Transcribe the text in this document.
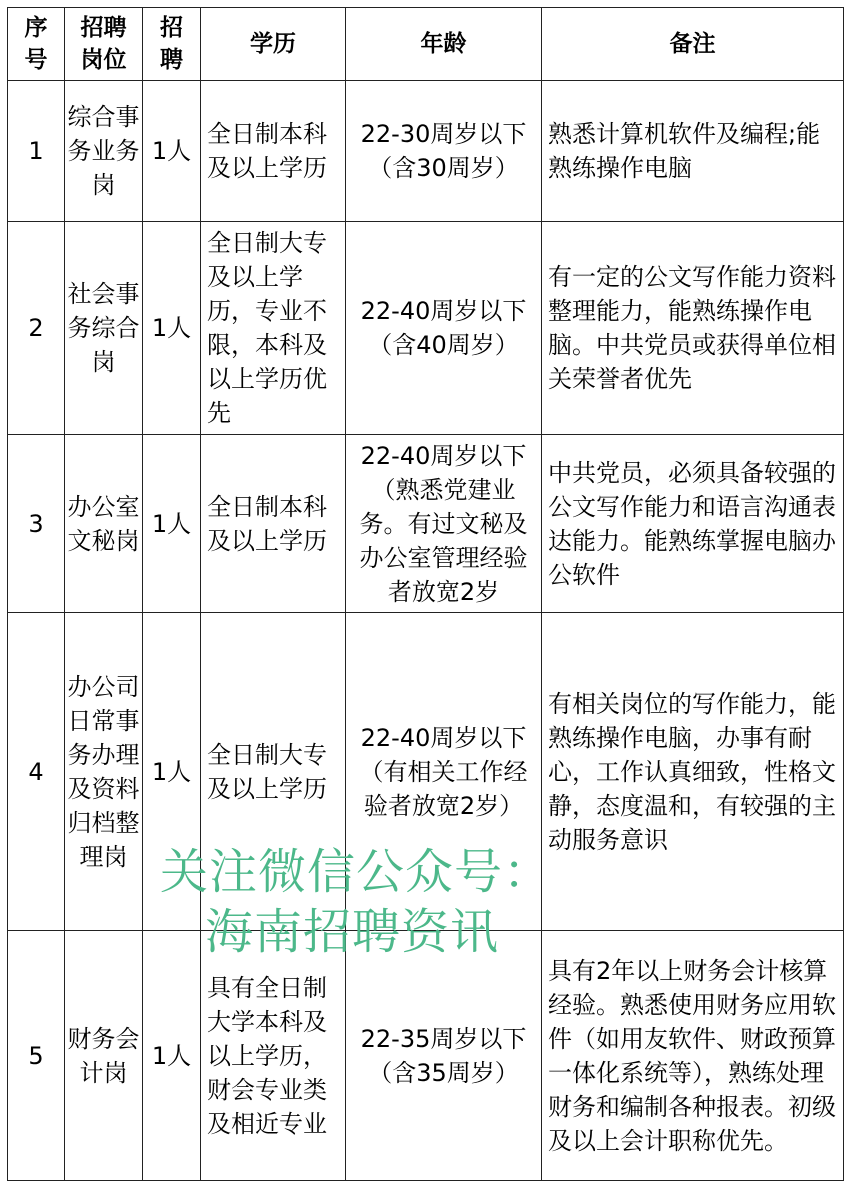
序号	招聘岗位	招聘	学历	年龄	备注
1	综合事务业务岗	1人	全日制本科及以上学历	22-30周岁以下（含30周岁）	熟悉计算机软件及编程;能熟练操作电脑
2	社会事务综合岗	1人	全日制大专及以上学历，专业不限，本科及以上学历优先	22-40周岁以下（含40周岁）	有一定的公文写作能力资料整理能力，能熟练操作电脑。中共党员或获得单位相关荣誉者优先
3	办公室文秘岗	1人	全日制本科及以上学历	22-40周岁以下（熟悉党建业务。有过文秘及办公室管理经验者放宽2岁	中共党员，必须具备较强的公文写作能力和语言沟通表达能力。能熟练掌握电脑办公软件
4	办公司日常事务办理及资料归档整理岗	1人	全日制大专及以上学历	22-40周岁以下（有相关工作经验者放宽2岁）	有相关岗位的写作能力，能熟练操作电脑，办事有耐心，工作认真细致，性格文静，态度温和，有较强的主动服务意识
5	财务会计岗	1人	具有全日制大学本科及以上学历，财会专业类及相近专业	22-35周岁以下（含35周岁）	具有2年以上财务会计核算经验。熟悉使用财务应用软件（如用友软件、财政预算一体化系统等），熟练处理财务和编制各种报表。初级及以上会计职称优先。
关注微信公众号：
海南招聘资讯
